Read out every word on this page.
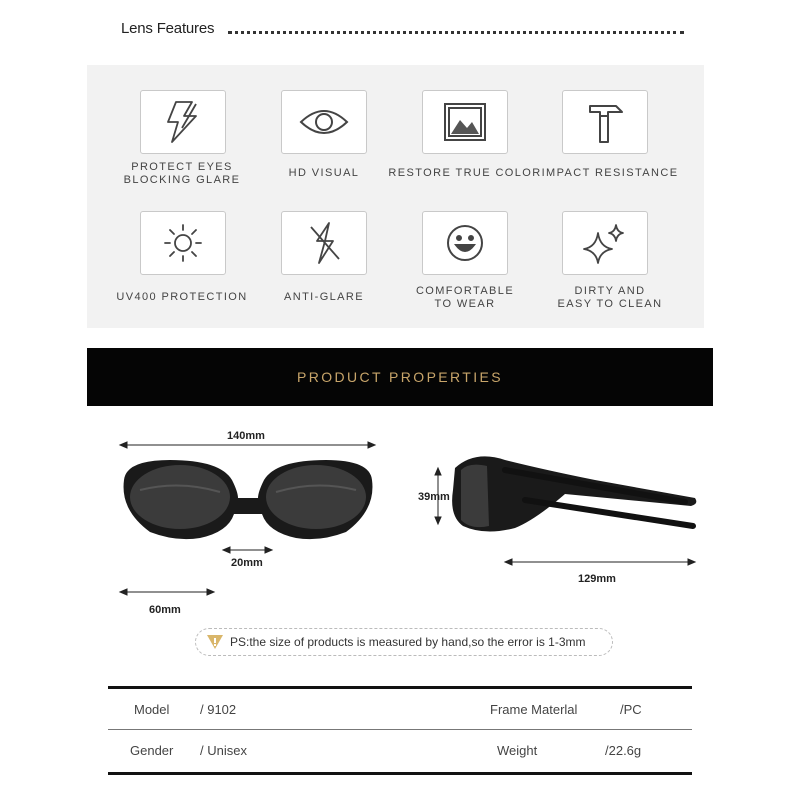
Lens Features
PROTECT EYES
BLOCKING GLARE
HD VISUAL	RESTORE TRUE COLOR IMPACT RESISTANCE
UV400 PROTECTION	ANTI-GLARE	COMFORTABLE
TO WEAR
DIRTY AND
EASY TO CLEAN
PRODUCT PROPERTIES
140mm
20mm
60mm
39mm
129mm
PS:the size of products is measured by hand,so the error is 1-3mm
Model / 9102	Frame Materlal	/PC
Gender / Unisex	Weight	/22.6g
